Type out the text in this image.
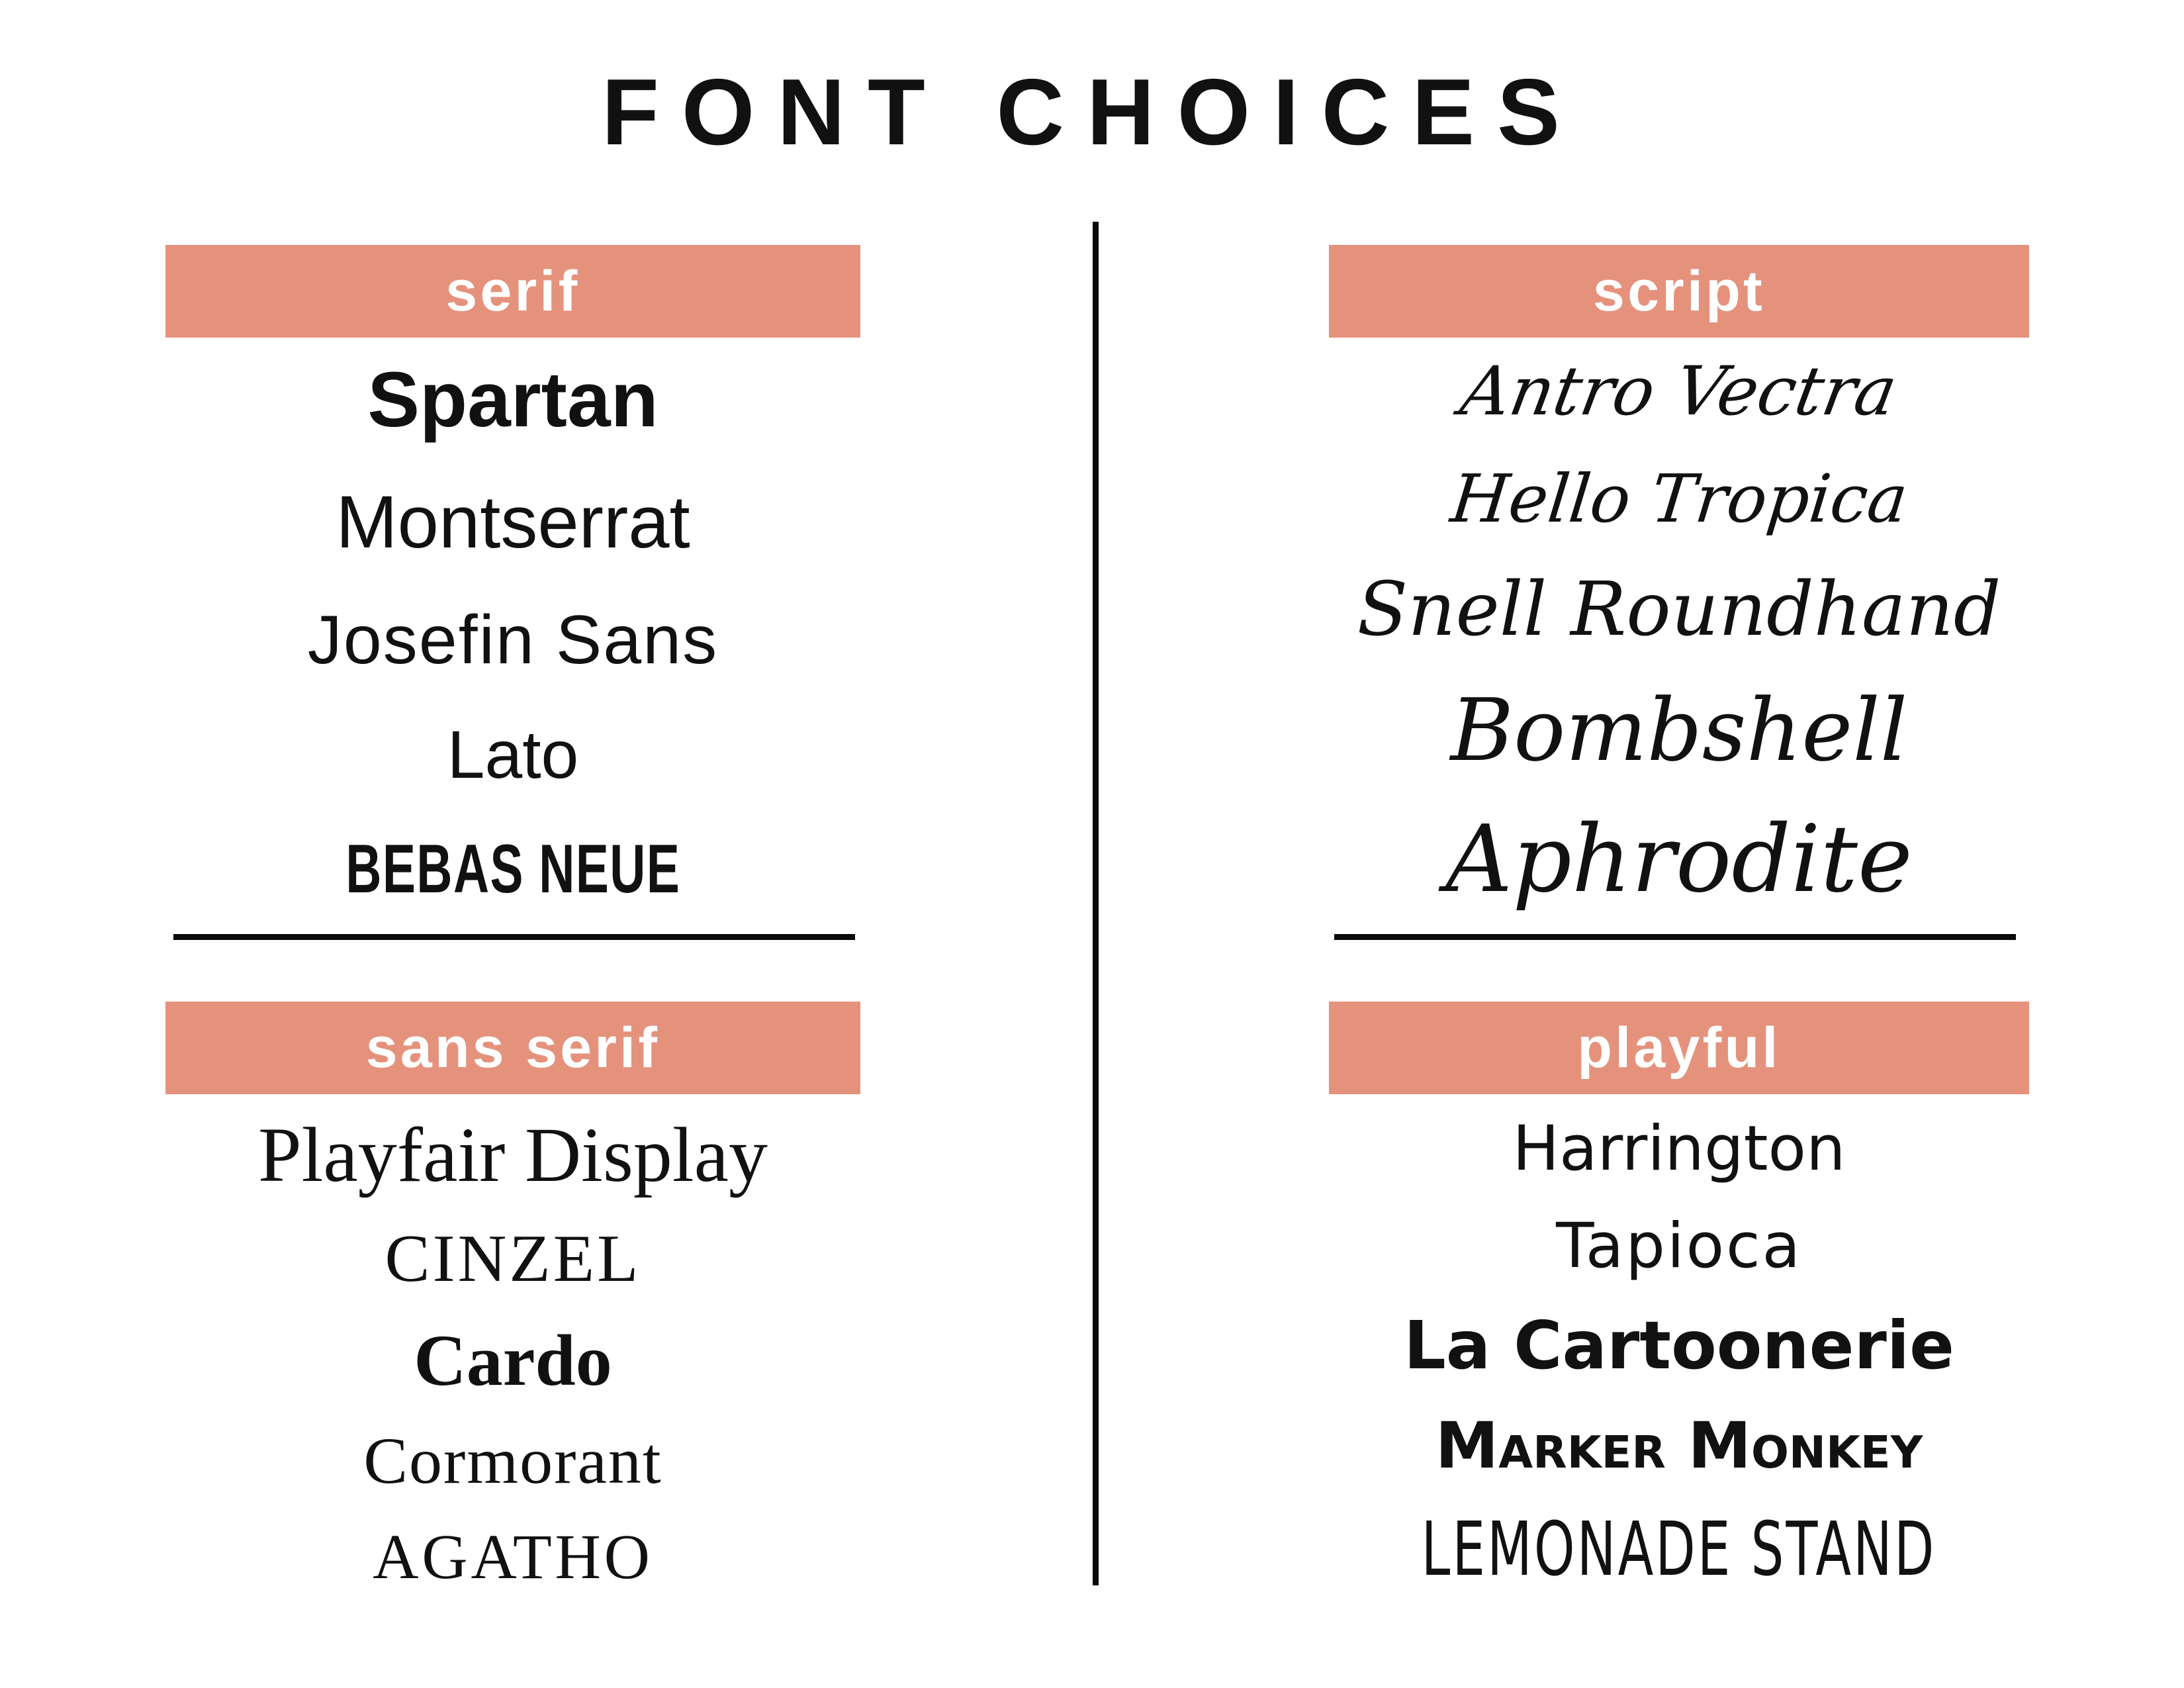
FONT CHOICES
serif
Spartan
Montserrat
Josefin Sans
Lato
BEBAS NEUE
script
Antro Vectra
Hello Tropica
Snell Roundhand
Bombshell
Aphrodite
sans serif
Playfair Display
CINZEL
Cardo
Cormorant
AGATHO
playful
Harrington
Tapioca
La Cartoonerie
Marker Monkey
LEMONADE STAND
